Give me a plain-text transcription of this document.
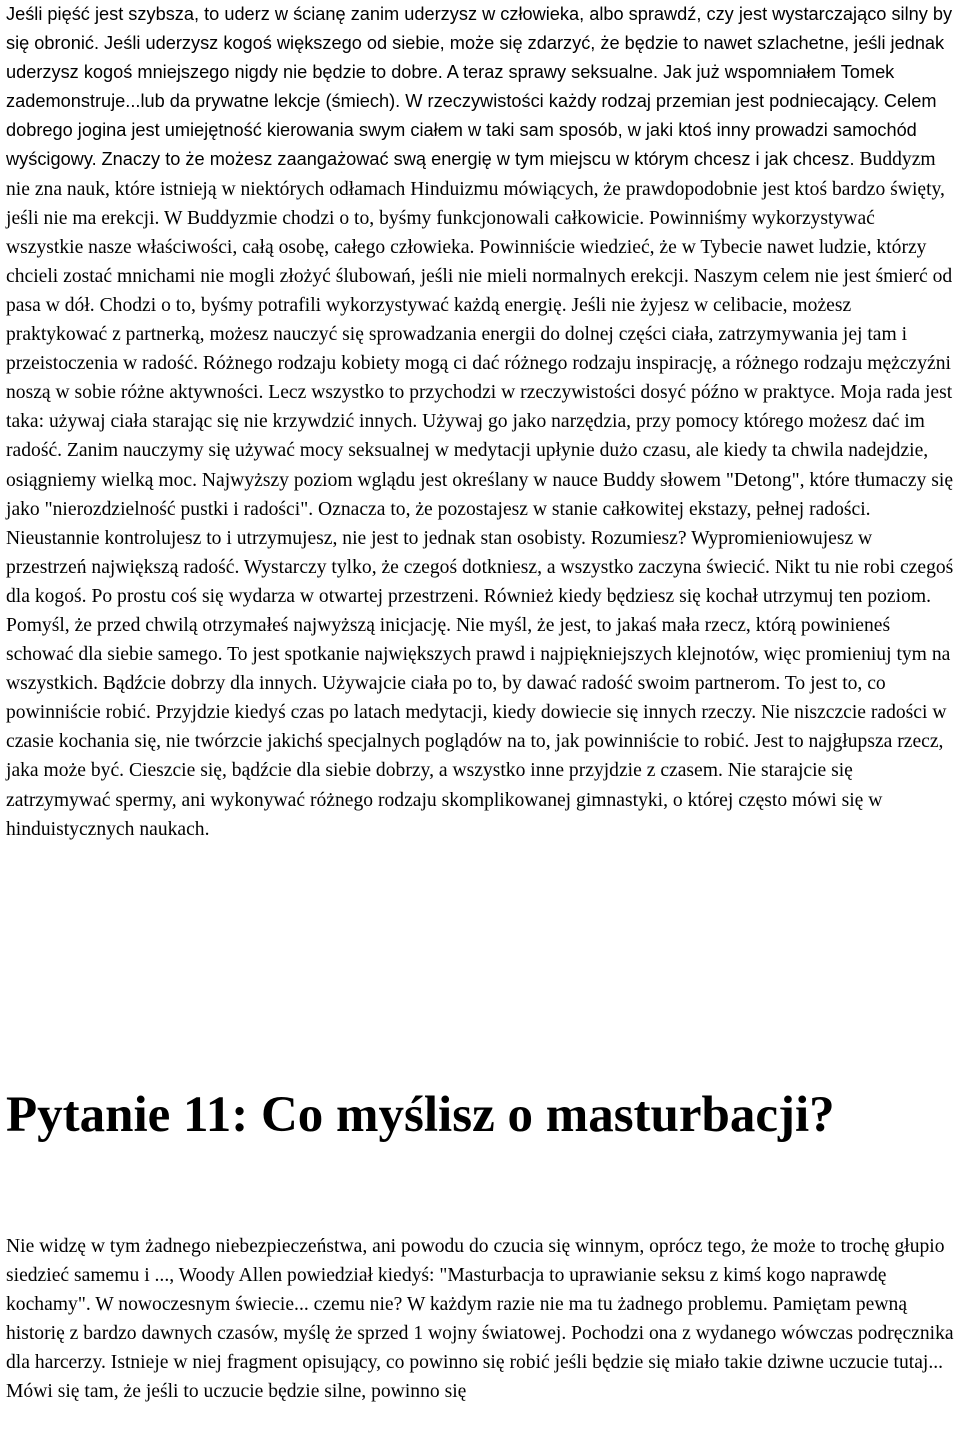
Jeśli pięść jest szybsza, to uderz w ścianę zanim uderzysz w człowieka, albo sprawdź, czy jest wystarczająco silny by się obronić. Jeśli uderzysz kogoś większego od siebie, może się zdarzyć, że będzie to nawet szlachetne, jeśli jednak uderzysz kogoś mniejszego nigdy nie będzie to dobre. A teraz sprawy seksualne. Jak już wspomniałem Tomek zademonstruje...lub da prywatne lekcje (śmiech). W rzeczywistości każdy rodzaj przemian jest podniecający. Celem dobrego jogina jest umiejętność kierowania swym ciałem w taki sam sposób, w jaki ktoś inny prowadzi samochód wyścigowy. Znaczy to że możesz zaangażować swą energię w tym miejscu w którym chcesz i jak chcesz. Buddyzm nie zna nauk, które istnieją w niektórych odłamach Hinduizmu mówiących, że prawdopodobnie jest ktoś bardzo święty, jeśli nie ma erekcji. W Buddyzmie chodzi o to, byśmy funkcjonowali całkowicie. Powinniśmy wykorzystywać wszystkie nasze właściwości, całą osobę, całego człowieka. Powinniście wiedzieć, że w Tybecie nawet ludzie, którzy chcieli zostać mnichami nie mogli złożyć ślubowań, jeśli nie mieli normalnych erekcji. Naszym celem nie jest śmierć od pasa w dół. Chodzi o to, byśmy potrafili wykorzystywać każdą energię. Jeśli nie żyjesz w celibacie, możesz praktykować z partnerką, możesz nauczyć się sprowadzania energii do dolnej części ciała, zatrzymywania jej tam i przeistoczenia w radość. Różnego rodzaju kobiety mogą ci dać różnego rodzaju inspirację, a różnego rodzaju mężczyźni noszą w sobie różne aktywności. Lecz wszystko to przychodzi w rzeczywistości dosyć późno w praktyce. Moja rada jest taka: używaj ciała starając się nie krzywdzić innych. Używaj go jako narzędzia, przy pomocy którego możesz dać im radość. Zanim nauczymy się używać mocy seksualnej w medytacji upłynie dużo czasu, ale kiedy ta chwila nadejdzie, osiągniemy wielką moc. Najwyższy poziom wglądu jest określany w nauce Buddy słowem "Detong", które tłumaczy się jako "nierozdzielność pustki i radości". Oznacza to, że pozostajesz w stanie całkowitej ekstazy, pełnej radości. Nieustannie kontrolujesz to i utrzymujesz, nie jest to jednak stan osobisty. Rozumiesz? Wypromieniowujesz w przestrzeń największą radość. Wystarczy tylko, że czegoś dotkniesz, a wszystko zaczyna świecić. Nikt tu nie robi czegoś dla kogoś. Po prostu coś się wydarza w otwartej przestrzeni. Również kiedy będziesz się kochał utrzymuj ten poziom. Pomyśl, że przed chwilą otrzymałeś najwyższą inicjację. Nie myśl, że jest, to jakaś mała rzecz, którą powinieneś schować dla siebie samego. To jest spotkanie największych prawd i najpiękniejszych klejnotów, więc promieniuj tym na wszystkich. Bądźcie dobrzy dla innych. Używajcie ciała po to, by dawać radość swoim partnerom. To jest to, co powinniście robić. Przyjdzie kiedyś czas po latach medytacji, kiedy dowiecie się innych rzeczy. Nie niszczcie radości w czasie kochania się, nie twórzcie jakichś specjalnych poglądów na to, jak powinniście to robić. Jest to najgłupsza rzecz, jaka może być. Cieszcie się, bądźcie dla siebie dobrzy, a wszystko inne przyjdzie z czasem. Nie starajcie się zatrzymywać spermy, ani wykonywać różnego rodzaju skomplikowanej gimnastyki, o której często mówi się w hinduistycznych naukach.

Pytanie 11: Co myślisz o masturbacji?

Nie widzę w tym żadnego niebezpieczeństwa, ani powodu do czucia się winnym, oprócz tego, że może to trochę głupio siedzieć samemu i ..., Woody Allen powiedział kiedyś: "Masturbacja to uprawianie seksu z kimś kogo naprawdę kochamy". W nowoczesnym świecie... czemu nie? W każdym razie nie ma tu żadnego problemu. Pamiętam pewną historię z bardzo dawnych czasów, myślę że sprzed 1 wojny światowej. Pochodzi ona z wydanego wówczas podręcznika dla harcerzy. Istnieje w niej fragment opisujący, co powinno się robić jeśli będzie się miało takie dziwne uczucie tutaj... Mówi się tam, że jeśli to uczucie będzie silne, powinno się
